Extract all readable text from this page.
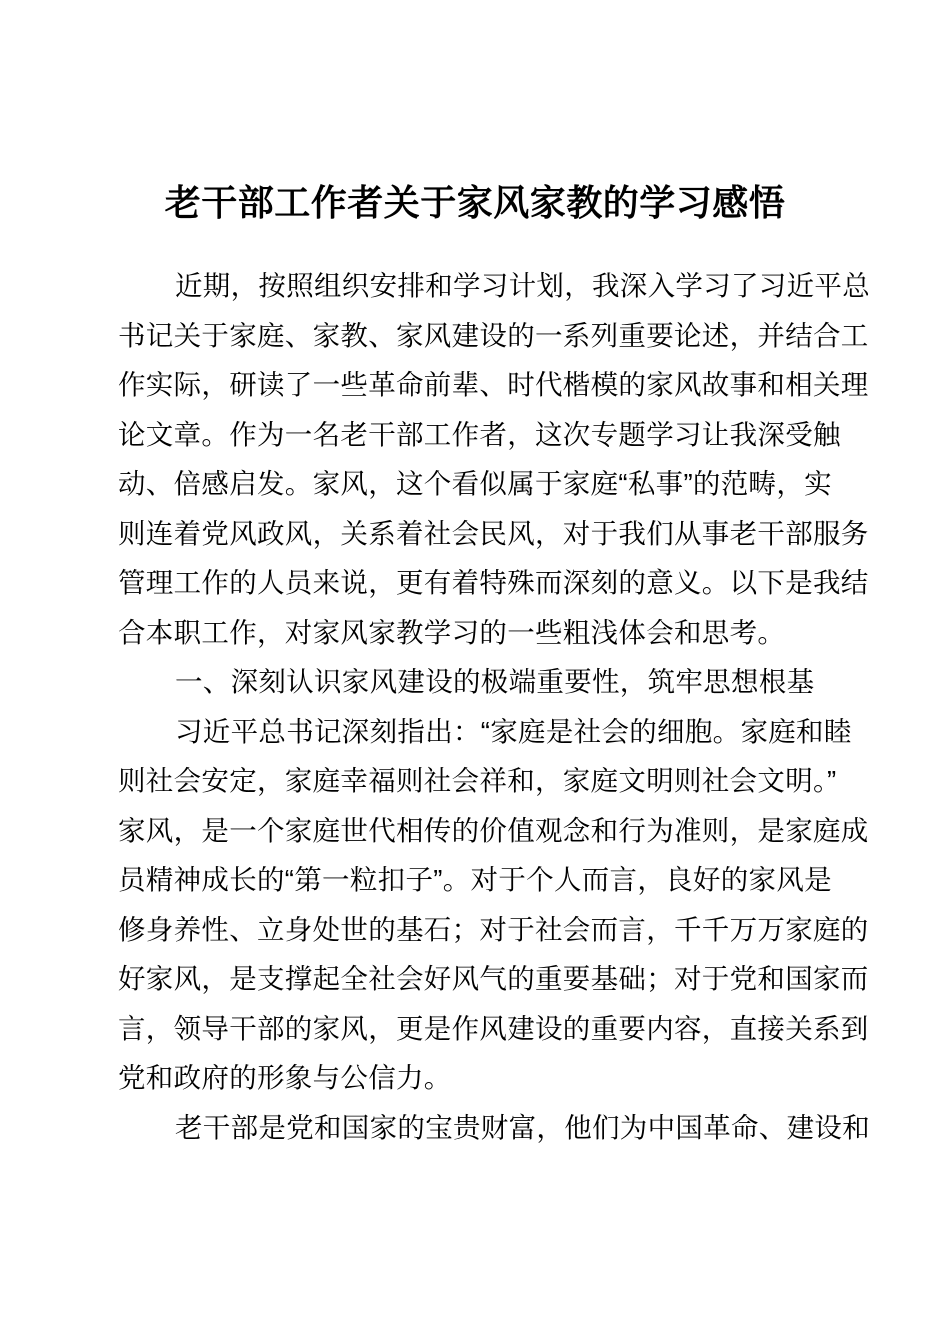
老干部工作者关于家风家教的学习感悟
近期，按照组织安排和学习计划，我深入学习了习近平总
书记关于家庭、家教、家风建设的一系列重要论述，并结合工
作实际，研读了一些革命前辈、时代楷模的家风故事和相关理
论文章。作为一名老干部工作者，这次专题学习让我深受触
动、倍感启发。家风，这个看似属于家庭“私事”的范畴，实
则连着党风政风，关系着社会民风，对于我们从事老干部服务
管理工作的人员来说，更有着特殊而深刻的意义。以下是我结
合本职工作，对家风家教学习的一些粗浅体会和思考。
一、深刻认识家风建设的极端重要性，筑牢思想根基
习近平总书记深刻指出：“家庭是社会的细胞。家庭和睦
则社会安定，家庭幸福则社会祥和，家庭文明则社会文明。”
家风，是一个家庭世代相传的价值观念和行为准则，是家庭成
员精神成长的“第一粒扣子”。对于个人而言，良好的家风是
修身养性、立身处世的基石；对于社会而言，千千万万家庭的
好家风，是支撑起全社会好风气的重要基础；对于党和国家而
言，领导干部的家风，更是作风建设的重要内容，直接关系到
党和政府的形象与公信力。
老干部是党和国家的宝贵财富，他们为中国革命、建设和
